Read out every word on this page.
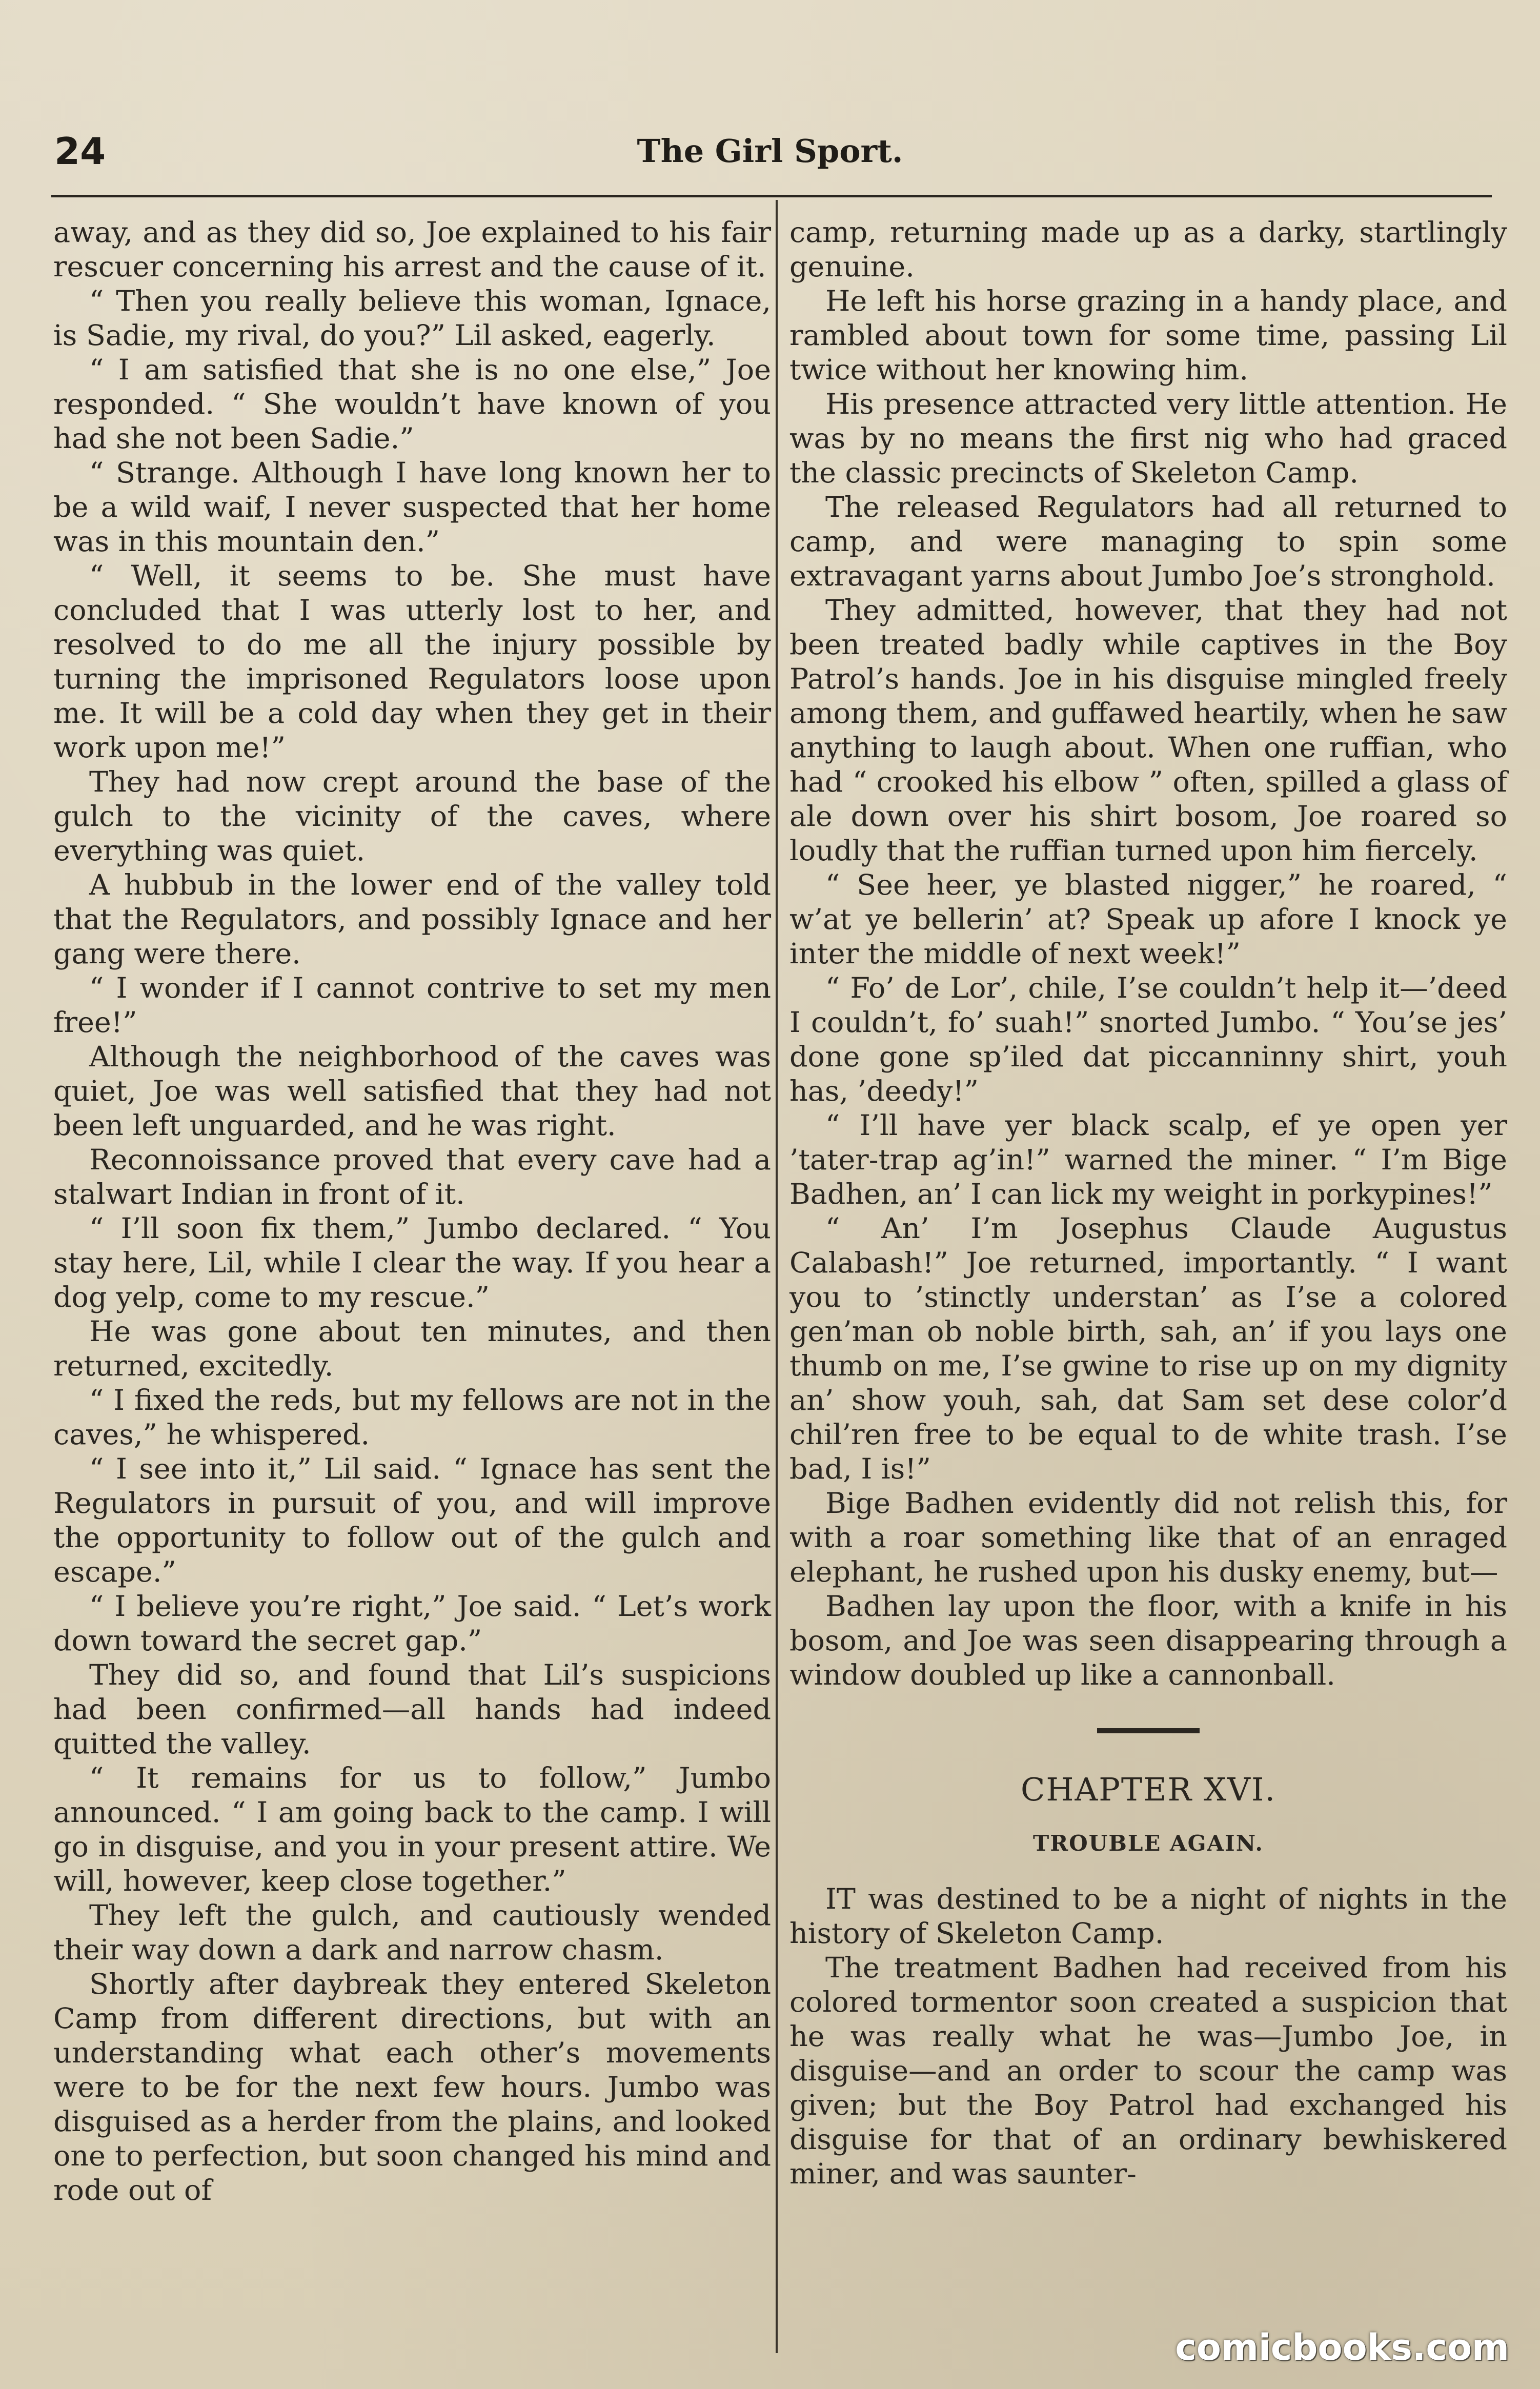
24	The Girl Sport.

away, and as they did so, Joe explained to his fair rescuer concerning his arrest and the cause of it.

“ Then you really believe this woman, Ignace, is Sadie, my rival, do you?” Lil asked, eagerly.

“ I am satisfied that she is no one else,” Joe responded. “ She wouldn’t have known of you had she not been Sadie.”

“ Strange. Although I have long known her to be a wild waif, I never suspected that her home was in this mountain den.”

“ Well, it seems to be. She must have concluded that I was utterly lost to her, and resolved to do me all the injury possible by turning the imprisoned Regulators loose upon me. It will be a cold day when they get in their work upon me!”

They had now crept around the base of the gulch to the vicinity of the caves, where everything was quiet.

A hubbub in the lower end of the valley told that the Regulators, and possibly Ignace and her gang were there.

“ I wonder if I cannot contrive to set my men free!”

Although the neighborhood of the caves was quiet, Joe was well satisfied that they had not been left unguarded, and he was right.

Reconnoissance proved that every cave had a stalwart Indian in front of it.

“ I’ll soon fix them,” Jumbo declared. “ You stay here, Lil, while I clear the way. If you hear a dog yelp, come to my rescue.”

He was gone about ten minutes, and then returned, excitedly.

“ I fixed the reds, but my fellows are not in the caves,” he whispered.

“ I see into it,” Lil said. “ Ignace has sent the Regulators in pursuit of you, and will improve the opportunity to follow out of the gulch and escape.”

“ I believe you’re right,” Joe said. “ Let’s work down toward the secret gap.”

They did so, and found that Lil’s suspicions had been confirmed—all hands had indeed quitted the valley.

“ It remains for us to follow,” Jumbo announced. “ I am going back to the camp. I will go in disguise, and you in your present attire. We will, however, keep close together.”

They left the gulch, and cautiously wended their way down a dark and narrow chasm.

Shortly after daybreak they entered Skeleton Camp from different directions, but with an understanding what each other’s movements were to be for the next few hours. Jumbo was disguised as a herder from the plains, and looked one to perfection, but soon changed his mind and rode out of

camp, returning made up as a darky, startlingly genuine.

He left his horse grazing in a handy place, and rambled about town for some time, passing Lil twice without her knowing him.

His presence attracted very little attention. He was by no means the first nig who had graced the classic precincts of Skeleton Camp.

The released Regulators had all returned to camp, and were managing to spin some extravagant yarns about Jumbo Joe’s stronghold.

They admitted, however, that they had not been treated badly while captives in the Boy Patrol’s hands. Joe in his disguise mingled freely among them, and guffawed heartily, when he saw anything to laugh about. When one ruffian, who had “ crooked his elbow ” often, spilled a glass of ale down over his shirt bosom, Joe roared so loudly that the ruffian turned upon him fiercely.

“ See heer, ye blasted nigger,” he roared, “ w’at ye bellerin’ at? Speak up afore I knock ye inter the middle of next week!”

“ Fo’ de Lor’, chile, I’se couldn’t help it—’deed I couldn’t, fo’ suah!” snorted Jumbo. “ You’se jes’ done gone sp’iled dat piccanninny shirt, youh has, ’deedy!”

“ I’ll have yer black scalp, ef ye open yer ’tater-trap ag’in!” warned the miner. “ I’m Bige Badhen, an’ I can lick my weight in porkypines!”

“ An’ I’m Josephus Claude Augustus Calabash!” Joe returned, importantly. “ I want you to ’stinctly understan’ as I’se a colored gen’man ob noble birth, sah, an’ if you lays one thumb on me, I’se gwine to rise up on my dignity an’ show youh, sah, dat Sam set dese color’d chil’ren free to be equal to de white trash. I’se bad, I is!”

Bige Badhen evidently did not relish this, for with a roar something like that of an enraged elephant, he rushed upon his dusky enemy, but—

Badhen lay upon the floor, with a knife in his bosom, and Joe was seen disappearing through a window doubled up like a cannonball.

CHAPTER XVI.
TROUBLE AGAIN.

IT was destined to be a night of nights in the history of Skeleton Camp.

The treatment Badhen had received from his colored tormentor soon created a suspicion that he was really what he was—Jumbo Joe, in disguise—and an order to scour the camp was given; but the Boy Patrol had exchanged his disguise for that of an ordinary bewhiskered miner, and was saunter-

comicbooks.com
